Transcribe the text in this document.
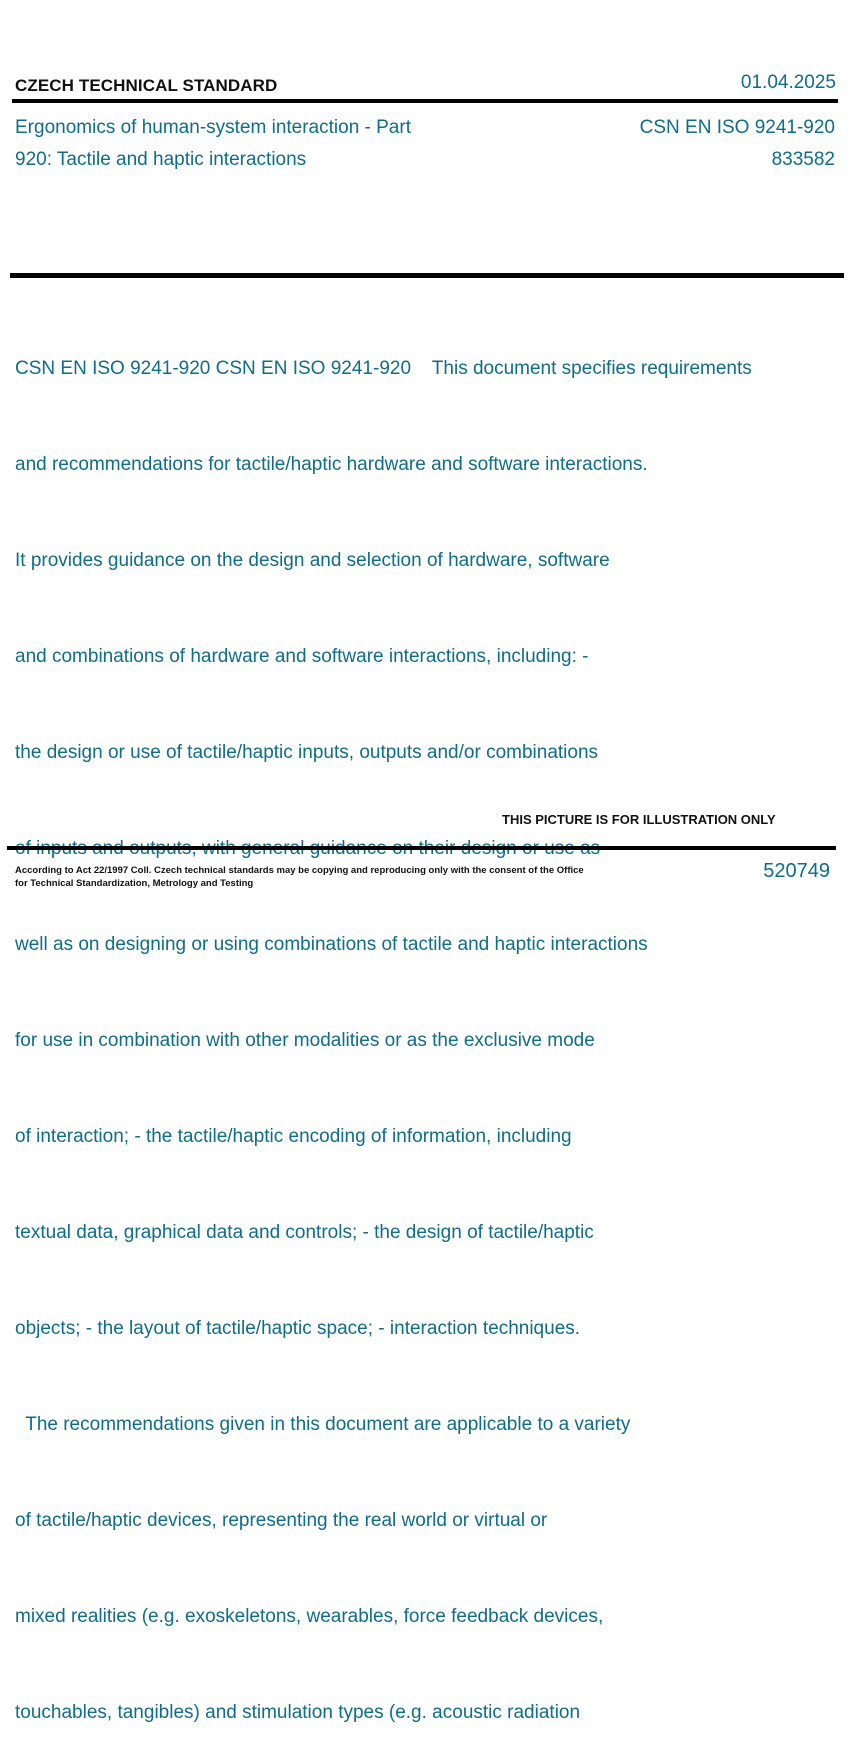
CZECH TECHNICAL STANDARD	01.04.2025
Ergonomics of human-system interaction - Part
920: Tactile and haptic interactions
CSN EN ISO 9241-920
833582

CSN EN ISO 9241-920 CSN EN ISO 9241-920    This document specifies requirements

and recommendations for tactile/haptic hardware and software interactions.

It provides guidance on the design and selection of hardware, software

and combinations of hardware and software interactions, including: -

the design or use of tactile/haptic inputs, outputs and/or combinations

well as on designing or using combinations of tactile and haptic interactions

for use in combination with other modalities or as the exclusive mode

of interaction; - the tactile/haptic encoding of information, including

textual data, graphical data and controls; - the design of tactile/haptic

objects; - the layout of tactile/haptic space; - interaction techniques.

The recommendations given in this document are applicable to a variety

of tactile/haptic devices, representing the real world or virtual or

mixed realities (e.g. exoskeletons, wearables, force feedback devices,

touchables, tangibles) and stimulation types (e.g. acoustic radiation

THIS PICTURE IS FOR ILLUSTRATION ONLY
According to Act 22/1997 Coll. Czech technical standards may be copying and reproducing only with the consent of the Office
for Technical Standardization, Metrology and Testing
520749
